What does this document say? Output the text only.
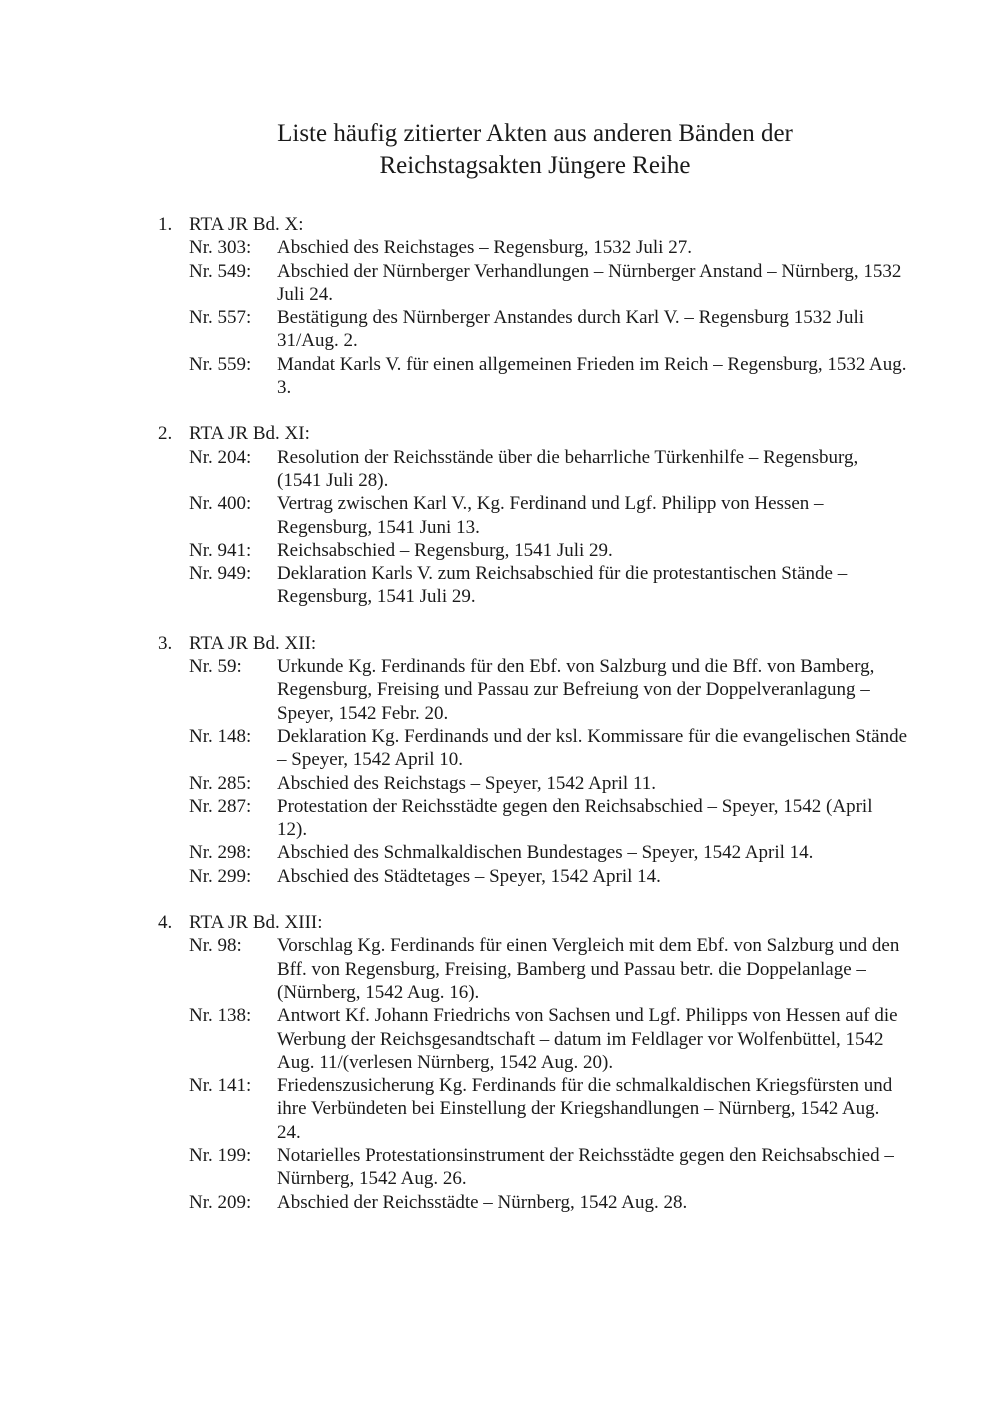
Liste häufig zitierter Akten aus anderen Bänden der
Reichstagsakten Jüngere Reihe
1. RTA JR Bd. X:
Nr. 303:	Abschied des Reichstages – Regensburg, 1532 Juli 27.
Nr. 549:	Abschied der Nürnberger Verhandlungen – Nürnberger Anstand – Nürnberg, 1532 Juli 24.
Nr. 557:	Bestätigung des Nürnberger Anstandes durch Karl V. – Regensburg 1532 Juli 31/Aug. 2.
Nr. 559:	Mandat Karls V. für einen allgemeinen Frieden im Reich – Regensburg, 1532 Aug. 3.
2. RTA JR Bd. XI:
Nr. 204:	Resolution der Reichsstände über die beharrliche Türkenhilfe – Regensburg, (1541 Juli 28).
Nr. 400:	Vertrag zwischen Karl V., Kg. Ferdinand und Lgf. Philipp von Hessen – Regensburg, 1541 Juni 13.
Nr. 941:	Reichsabschied – Regensburg, 1541 Juli 29.
Nr. 949:	Deklaration Karls V. zum Reichsabschied für die protestantischen Stände – Regensburg, 1541 Juli 29.
3. RTA JR Bd. XII:
Nr. 59:	Urkunde Kg. Ferdinands für den Ebf. von Salzburg und die Bff. von Bamberg, Regensburg, Freising und Passau zur Befreiung von der Doppelveranlagung – Speyer, 1542 Febr. 20.
Nr. 148:	Deklaration Kg. Ferdinands und der ksl. Kommissare für die evangelischen Stände – Speyer, 1542 April 10.
Nr. 285:	Abschied des Reichstags – Speyer, 1542 April 11.
Nr. 287:	Protestation der Reichsstädte gegen den Reichsabschied – Speyer, 1542 (April 12).
Nr. 298:	Abschied des Schmalkaldischen Bundestages – Speyer, 1542 April 14.
Nr. 299:	Abschied des Städtetages – Speyer, 1542 April 14.
4. RTA JR Bd. XIII:
Nr. 98:	Vorschlag Kg. Ferdinands für einen Vergleich mit dem Ebf. von Salzburg und den Bff. von Regensburg, Freising, Bamberg und Passau betr. die Doppelanlage – (Nürnberg, 1542 Aug. 16).
Nr. 138:	Antwort Kf. Johann Friedrichs von Sachsen und Lgf. Philipps von Hessen auf die Werbung der Reichsgesandtschaft – datum im Feldlager vor Wolfenbüttel, 1542 Aug. 11/(verlesen Nürnberg, 1542 Aug. 20).
Nr. 141:	Friedenszusicherung Kg. Ferdinands für die schmalkaldischen Kriegsfürsten und ihre Verbündeten bei Einstellung der Kriegshandlungen – Nürnberg, 1542 Aug. 24.
Nr. 199:	Notarielles Protestationsinstrument der Reichsstädte gegen den Reichsabschied – Nürnberg, 1542 Aug. 26.
Nr. 209:	Abschied der Reichsstädte – Nürnberg, 1542 Aug. 28.
